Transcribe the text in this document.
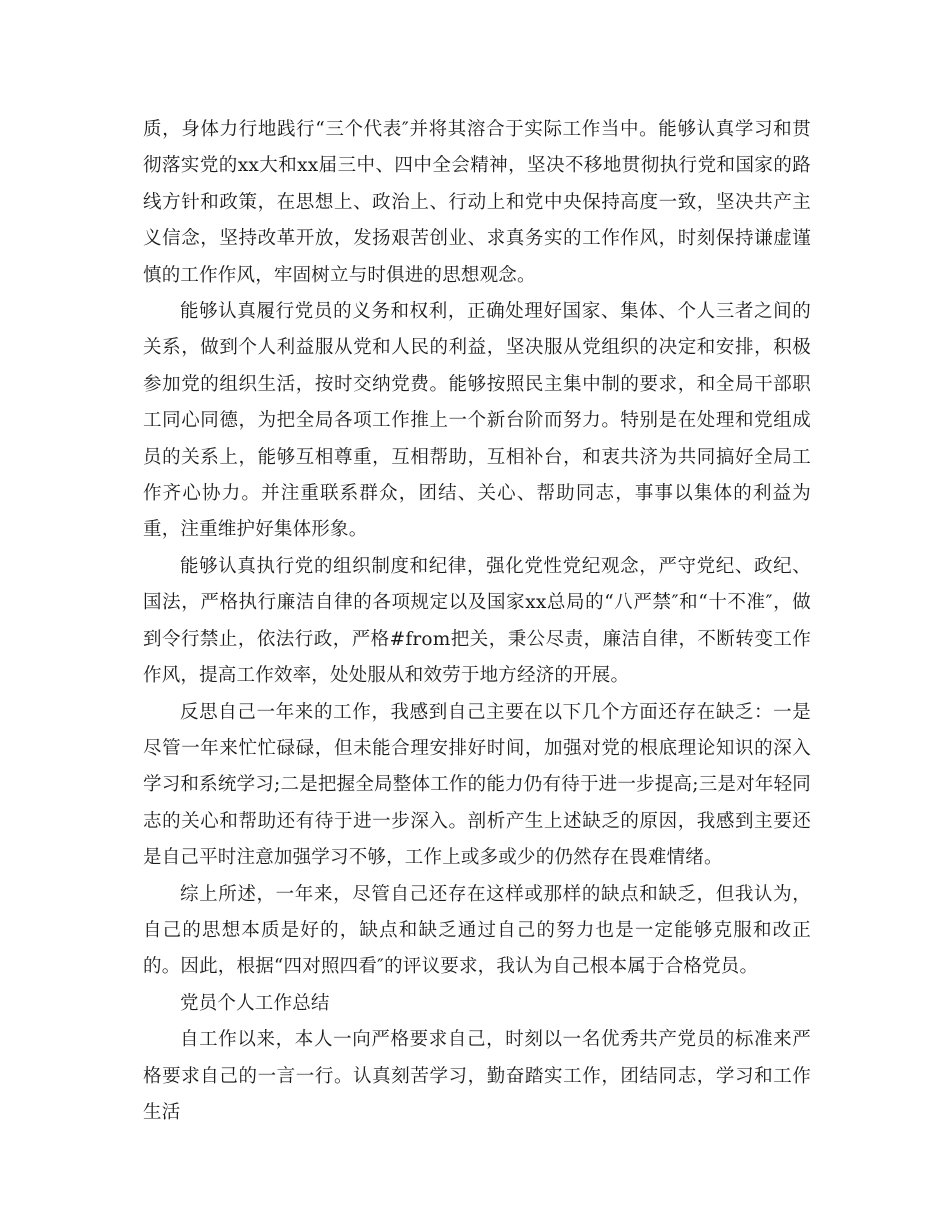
质，身体力行地践行“三个代表″并将其溶合于实际工作当中。能够认真学习和贯彻落实党的xx大和xx届三中、四中全会精神，坚决不移地贯彻执行党和国家的路线方针和政策，在思想上、政治上、行动上和党中央保持高度一致，坚决共产主义信念，坚持改革开放，发扬艰苦创业、求真务实的工作作风，时刻保持谦虚谨慎的工作作风，牢固树立与时俱进的思想观念。

能够认真履行党员的义务和权利，正确处理好国家、集体、个人三者之间的关系，做到个人利益服从党和人民的利益，坚决服从党组织的决定和安排，积极参加党的组织生活，按时交纳党费。能够按照民主集中制的要求，和全局干部职工同心同德，为把全局各项工作推上一个新台阶而努力。特别是在处理和党组成员的关系上，能够互相尊重，互相帮助，互相补台，和衷共济为共同搞好全局工作齐心协力。并注重联系群众，团结、关心、帮助同志，事事以集体的利益为重，注重维护好集体形象。

能够认真执行党的组织制度和纪律，强化党性党纪观念，严守党纪、政纪、国法，严格执行廉洁自律的各项规定以及国家xx总局的“八严禁″和“十不准″，做到令行禁止，依法行政，严格#from把关，秉公尽责，廉洁自律，不断转变工作作风，提高工作效率，处处服从和效劳于地方经济的开展。

反思自己一年来的工作，我感到自己主要在以下几个方面还存在缺乏：一是尽管一年来忙忙碌碌，但未能合理安排好时间，加强对党的根底理论知识的深入学习和系统学习;二是把握全局整体工作的能力仍有待于进一步提高;三是对年轻同志的关心和帮助还有待于进一步深入。剖析产生上述缺乏的原因，我感到主要还是自己平时注意加强学习不够，工作上或多或少的仍然存在畏难情绪。

综上所述，一年来，尽管自己还存在这样或那样的缺点和缺乏，但我认为，自己的思想本质是好的，缺点和缺乏通过自己的努力也是一定能够克服和改正的。因此，根据“四对照四看″的评议要求，我认为自己根本属于合格党员。

党员个人工作总结

自工作以来，本人一向严格要求自己，时刻以一名优秀共产党员的标准来严格要求自己的一言一行。认真刻苦学习，勤奋踏实工作，团结同志，学习和工作生活
